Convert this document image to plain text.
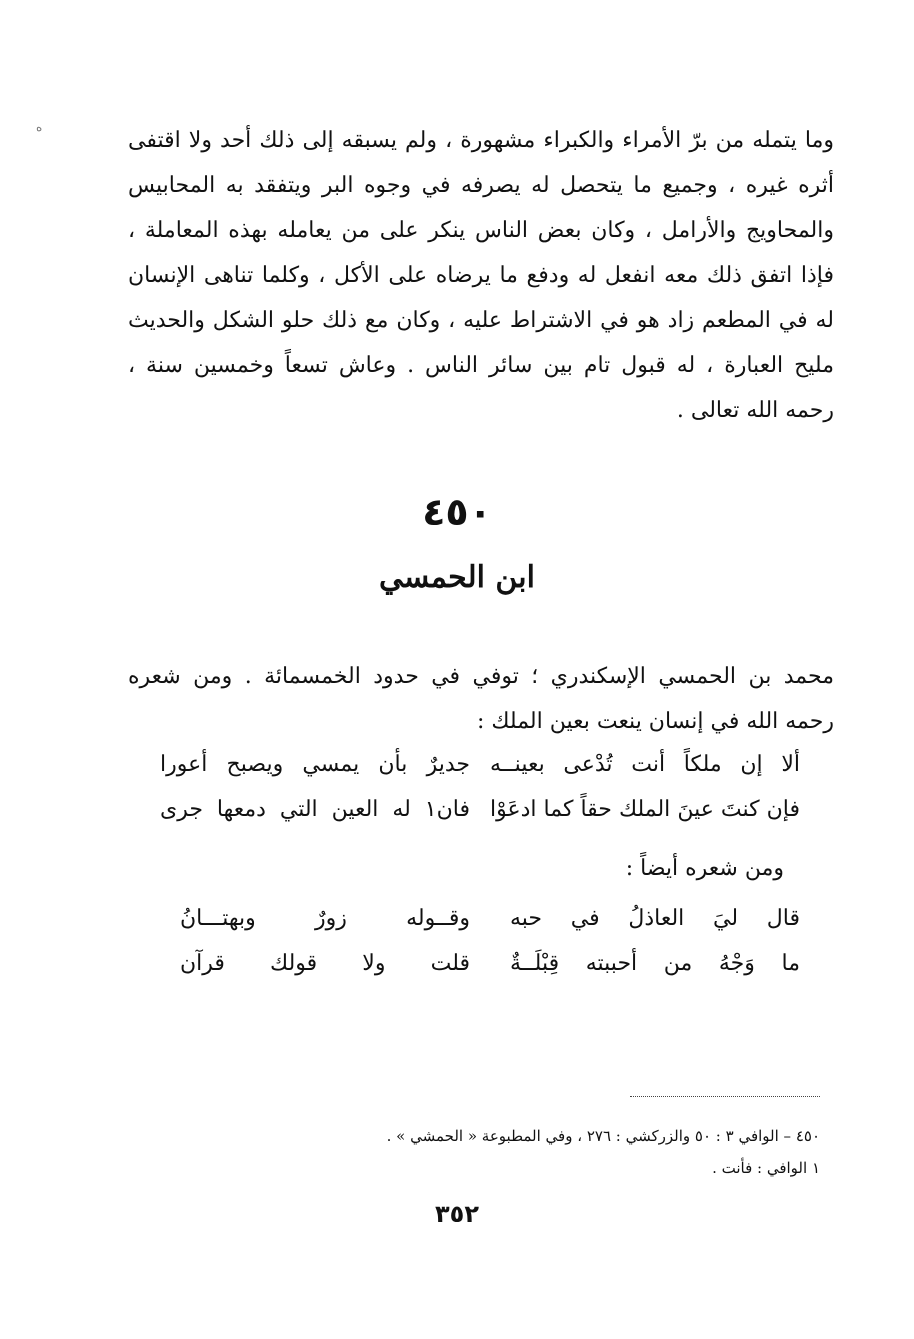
ﻩ

وما يتمله من برّ الأمراء والكبراء مشهورة ، ولم يسبقه إلى ذلك أحد ولا اقتفى

أثره غيره ، وجميع ما يتحصل له يصرفه في وجوه البر ويتفقد به المحابيس

والمحاويج والأرامل ، وكان بعض الناس ينكر على من يعامله بهذه المعاملة ،

فإذا اتفق ذلك معه انفعل له ودفع ما يرضاه على الأكل ، وكلما تناهى الإنسان

له في المطعم زاد هو في الاشتراط عليه ، وكان مع ذلك حلو الشكل والحديث

مليح العبارة ، له قبول تام بين سائر الناس . وعاش تسعاً وخمسين سنة ،

رحمه الله تعالى .

٤٥٠
ابن الحمسي

محمد بن الحمسي الإسكندري ؛ توفي في حدود الخمسمائة . ومن شعره

رحمه الله في إنسان ينعت بعين الملك :

ألا إن ملكاً أنت تُدْعى بعينــه
جديرٌ بأن يمسي ويصبح أعورا
فإن كنتَ عينَ الملك حقاً كما ادعَوْا
فان١ له العين التي دمعها جرى
ومن شعره أيضاً :
قال ليَ العاذلُ في حبه
وقــوله زورٌ وبهتـــانُ
ما وَجْهُ من أحببته قِبْلَــةٌ
قلت ولا قولك قرآن

٤٥٠ – الوافي ٣ : ٥٠ والزركشي : ٢٧٦ ، وفي المطبوعة « الحمشي » .

١ الوافي : فأنت .

٣٥٢
